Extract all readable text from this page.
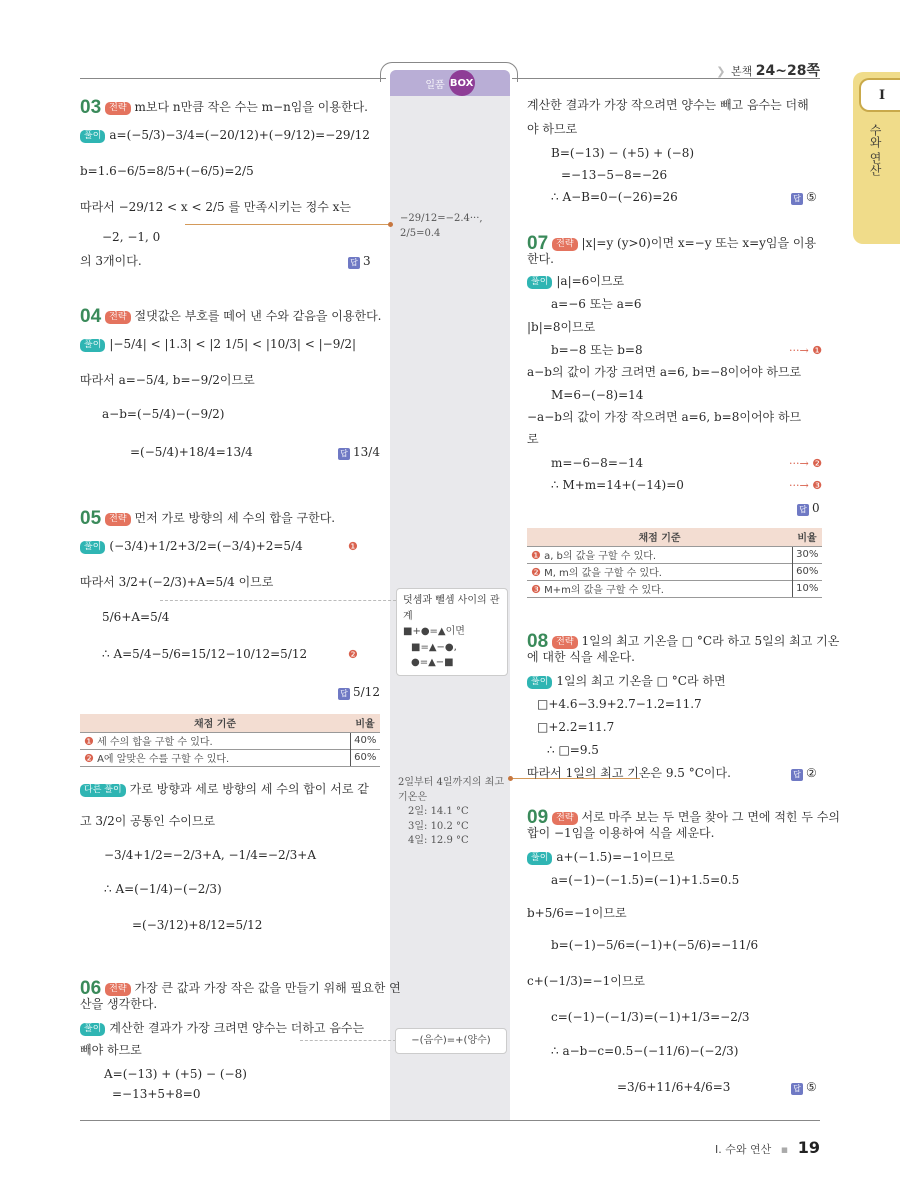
일품 BOX
❯ 본책 24~28쪽
I
수와 연산
03 전략 m보다 n만큼 작은 수는 m−n임을 이용한다.
풀이 a=(−5/3)−3/4=(−20/12)+(−9/12)=−29/12
b=1.6−6/5=8/5+(−6/5)=2/5
따라서 −29/12 < x < 2/5 를 만족시키는 정수 x는
−2, −1, 0
의 3개이다.	답 3
−29/12=−2.4···,
2/5=0.4
04 전략 절댓값은 부호를 떼어 낸 수와 같음을 이용한다.
풀이 |−5/4| < |1.3| < |2 1/5| < |10/3| < |−9/2|
따라서 a=−5/4, b=−9/2이므로
a−b=(−5/4)−(−9/2)
=(−5/4)+18/4=13/4	답 13/4
05 전략 먼저 가로 방향의 세 수의 합을 구한다.
풀이 (−3/4)+1/2+3/2=(−3/4)+2=5/4	❶
따라서 3/2+(−2/3)+A=5/4 이므로
5/6+A=5/4
∴ A=5/4−5/6=15/12−10/12=5/12	❷
답 5/12
덧셈과 뺄셈 사이의 관계
■+●=▲이면
■=▲−●,
●=▲−■
채점 기준	비율
❶ 세 수의 합을 구할 수 있다.	40%
❷ A에 알맞은 수를 구할 수 있다.	60%
다른 풀이 가로 방향과 세로 방향의 세 수의 합이 서로 같
고 3/2이 공통인 수이므로
−3/4+1/2=−2/3+A, −1/4=−2/3+A
∴ A=(−1/4)−(−2/3)
=(−3/12)+8/12=5/12
2일부터 4일까지의 최고
기온은
2일: 14.1 °C
3일: 10.2 °C
4일: 12.9 °C
06 전략 가장 큰 값과 가장 작은 값을 만들기 위해 필요한 연
산을 생각한다.
풀이 계산한 결과가 가장 크려면 양수는 더하고 음수는
빼야 하므로
A=(−13) + (+5) − (−8)
=−13+5+8=0
−(음수)=+(양수)
계산한 결과가 가장 작으려면 양수는 빼고 음수는 더해
야 하므로
B=(−13) − (+5) + (−8)
=−13−5−8=−26
∴ A−B=0−(−26)=26	답 ⑤
07 전략 |x|=y (y>0)이면 x=−y 또는 x=y임을 이용
한다.
풀이 |a|=6이므로
a=−6 또는 a=6
|b|=8이므로
b=−8 또는 b=8	···→ ❶
a−b의 값이 가장 크려면 a=6, b=−8이어야 하므로
M=6−(−8)=14
−a−b의 값이 가장 작으려면 a=6, b=8이어야 하므
로
m=−6−8=−14	···→ ❷
∴ M+m=14+(−14)=0	···→ ❸
답 0
채점 기준	비율
❶ a, b의 값을 구할 수 있다.	30%
❷ M, m의 값을 구할 수 있다.	60%
❸ M+m의 값을 구할 수 있다.	10%
08 전략 1일의 최고 기온을 □ °C라 하고 5일의 최고 기온
에 대한 식을 세운다.
풀이 1일의 최고 기온을 □ °C라 하면
□+4.6−3.9+2.7−1.2=11.7
□+2.2=11.7
∴ □=9.5
따라서 1일의 최고 기온은 9.5 °C이다.	답 ②
09 전략 서로 마주 보는 두 면을 찾아 그 면에 적힌 두 수의
합이 −1임을 이용하여 식을 세운다.
풀이 a+(−1.5)=−1이므로
a=(−1)−(−1.5)=(−1)+1.5=0.5
b+5/6=−1이므로
b=(−1)−5/6=(−1)+(−5/6)=−11/6
c+(−1/3)=−1이므로
c=(−1)−(−1/3)=(−1)+1/3=−2/3
∴ a−b−c=0.5−(−11/6)−(−2/3)
=3/6+11/6+4/6=3	답 ⑤
I. 수와 연산 ▪ 19
